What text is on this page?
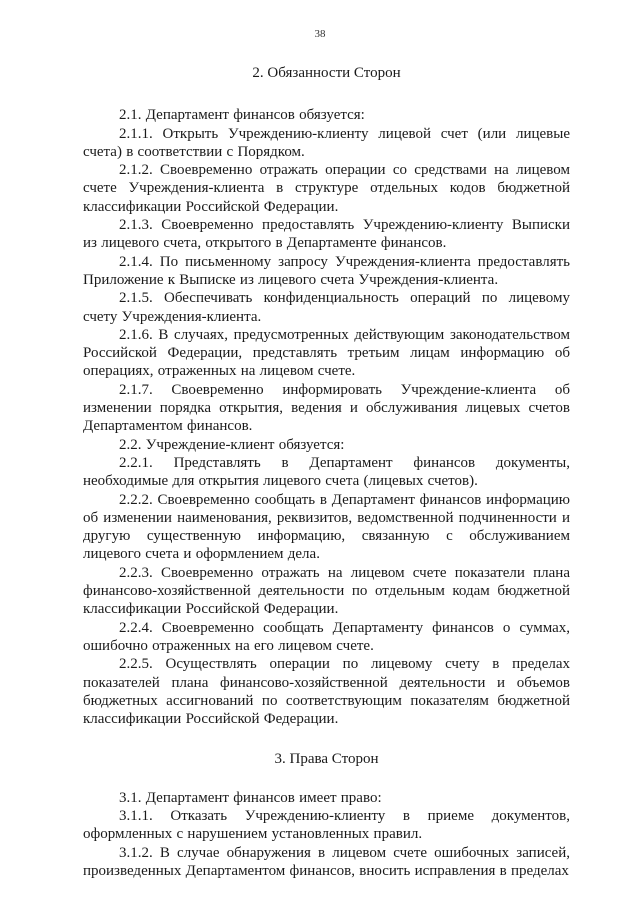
38
2. Обязанности Сторон

2.1. Департамент финансов обязуется:

2.1.1. Открыть Учреждению-клиенту лицевой счет (или лицевые счета) в соответствии с Порядком.

2.1.2. Своевременно отражать операции со средствами на лицевом счете Учреждения-клиента в структуре отдельных кодов бюджетной классификации Российской Федерации.

2.1.3. Своевременно предоставлять Учреждению-клиенту Выписки из лицевого счета, открытого в Департаменте финансов.

2.1.4. По письменному запросу Учреждения-клиента предоставлять Приложение к Выписке из лицевого счета Учреждения-клиента.

2.1.5. Обеспечивать конфиденциальность операций по лицевому счету Учреждения-клиента.

2.1.6. В случаях, предусмотренных действующим законодательством Российской Федерации, представлять третьим лицам информацию об операциях, отраженных на лицевом счете.

2.1.7. Своевременно информировать Учреждение-клиента об изменении порядка открытия, ведения и обслуживания лицевых счетов Департаментом финансов.

2.2. Учреждение-клиент обязуется:

2.2.1. Представлять в Департамент финансов документы, необходимые для открытия лицевого счета (лицевых счетов).

2.2.2. Своевременно сообщать в Департамент финансов информацию об изменении наименования, реквизитов, ведомственной подчиненности и другую существенную информацию, связанную с обслуживанием лицевого счета и оформлением дела.

2.2.3. Своевременно отражать на лицевом счете показатели плана финансово-хозяйственной деятельности по отдельным кодам бюджетной классификации Российской Федерации.

2.2.4. Своевременно сообщать Департаменту финансов о суммах, ошибочно отраженных на его лицевом счете.

2.2.5. Осуществлять операции по лицевому счету в пределах показателей плана финансово-хозяйственной деятельности и объемов бюджетных ассигнований по соответствующим показателям бюджетной классификации Российской Федерации.

3. Права Сторон

3.1. Департамент финансов имеет право:

3.1.1. Отказать Учреждению-клиенту в приеме документов, оформленных с нарушением установленных правил.

3.1.2. В случае обнаружения в лицевом счете ошибочных записей, произведенных Департаментом финансов, вносить исправления в пределах
